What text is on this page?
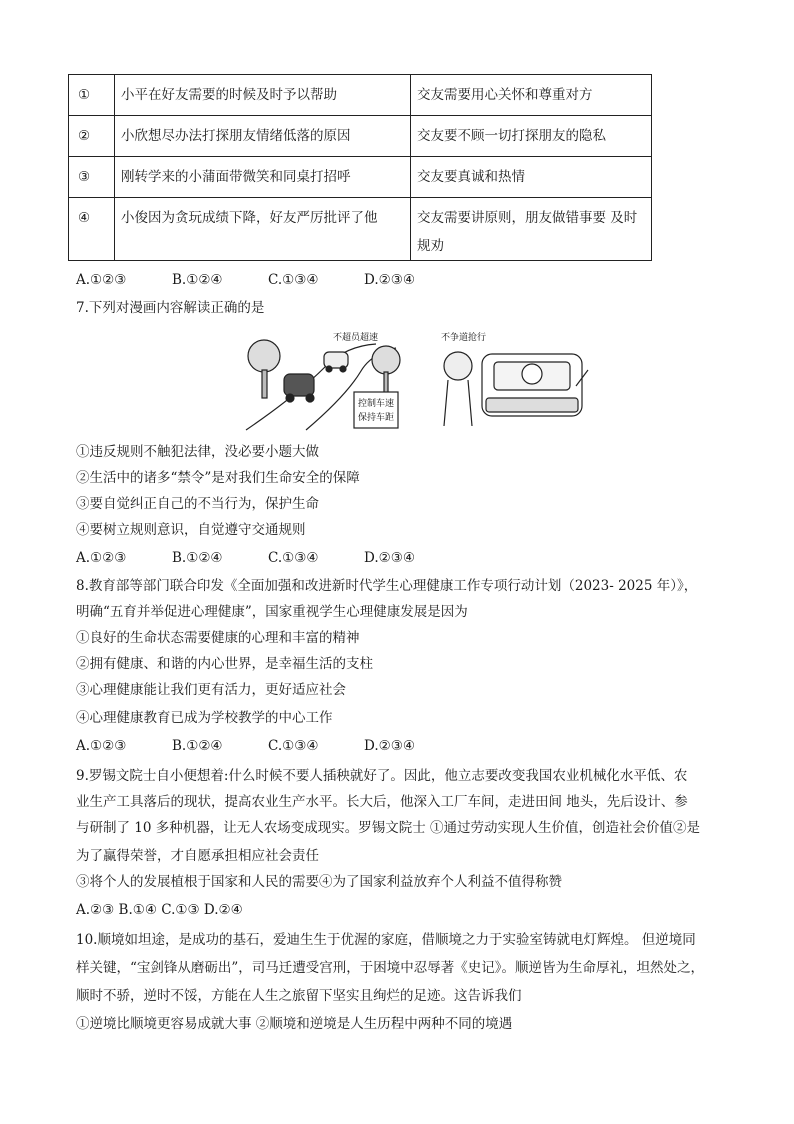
①	小平在好友需要的时候及时予以帮助	交友需要用心关怀和尊重对方
②	小欣想尽办法打探朋友情绪低落的原因	交友要不顾一切打探朋友的隐私
③	刚转学来的小蒲面带微笑和同桌打招呼	交友要真诚和热情
④	小俊因为贪玩成绩下降，好友严厉批评了他	交友需要讲原则，朋友做错事要 及时规劝
A.①②③	B.①②④	C.①③④	D.②③④
7.下列对漫画内容解读正确的是
不超员超速
控制车速
保持车距
不争道抢行
①违反规则不触犯法律，没必要小题大做
②生活中的诸多“禁令”是对我们生命安全的保障
③要自觉纠正自己的不当行为，保护生命
④要树立规则意识，自觉遵守交通规则
A.①②③	B.①②④	C.①③④	D.②③④
8.教育部等部门联合印发《全面加强和改进新时代学生心理健康工作专项行动计划（2023- 2025 年）》，
明确“五育并举促进心理健康”，国家重视学生心理健康发展是因为
①良好的生命状态需要健康的心理和丰富的精神
②拥有健康、和谐的内心世界，是幸福生活的支柱
③心理健康能让我们更有活力，更好适应社会
④心理健康教育已成为学校教学的中心工作
A.①②③	B.①②④	C.①③④	D.②③④
9.罗锡文院士自小便想着:什么时候不要人插秧就好了。因此，他立志要改变我国农业机械化水平低、农
业生产工具落后的现状，提高农业生产水平。长大后，他深入工厂车间，走进田间 地头，先后设计、参
与研制了 10 多种机器，让无人农场变成现实。罗锡文院士 ①通过劳动实现人生价值，创造社会价值②是
为了赢得荣誉，才自愿承担相应社会责任
③将个人的发展植根于国家和人民的需要④为了国家利益放弃个人利益不值得称赞
A.②③ B.①④ C.①③ D.②④
10.顺境如坦途，是成功的基石，爱迪生生于优渥的家庭，借顺境之力于实验室铸就电灯辉煌。 但逆境同
样关键，“宝剑锋从磨砺出”，司马迁遭受宫刑，于困境中忍辱著《史记》。顺逆皆为生命厚礼，坦然处之，
顺时不骄，逆时不馁，方能在人生之旅留下坚实且绚烂的足迹。这告诉我们
①逆境比顺境更容易成就大事 ②顺境和逆境是人生历程中两种不同的境遇
